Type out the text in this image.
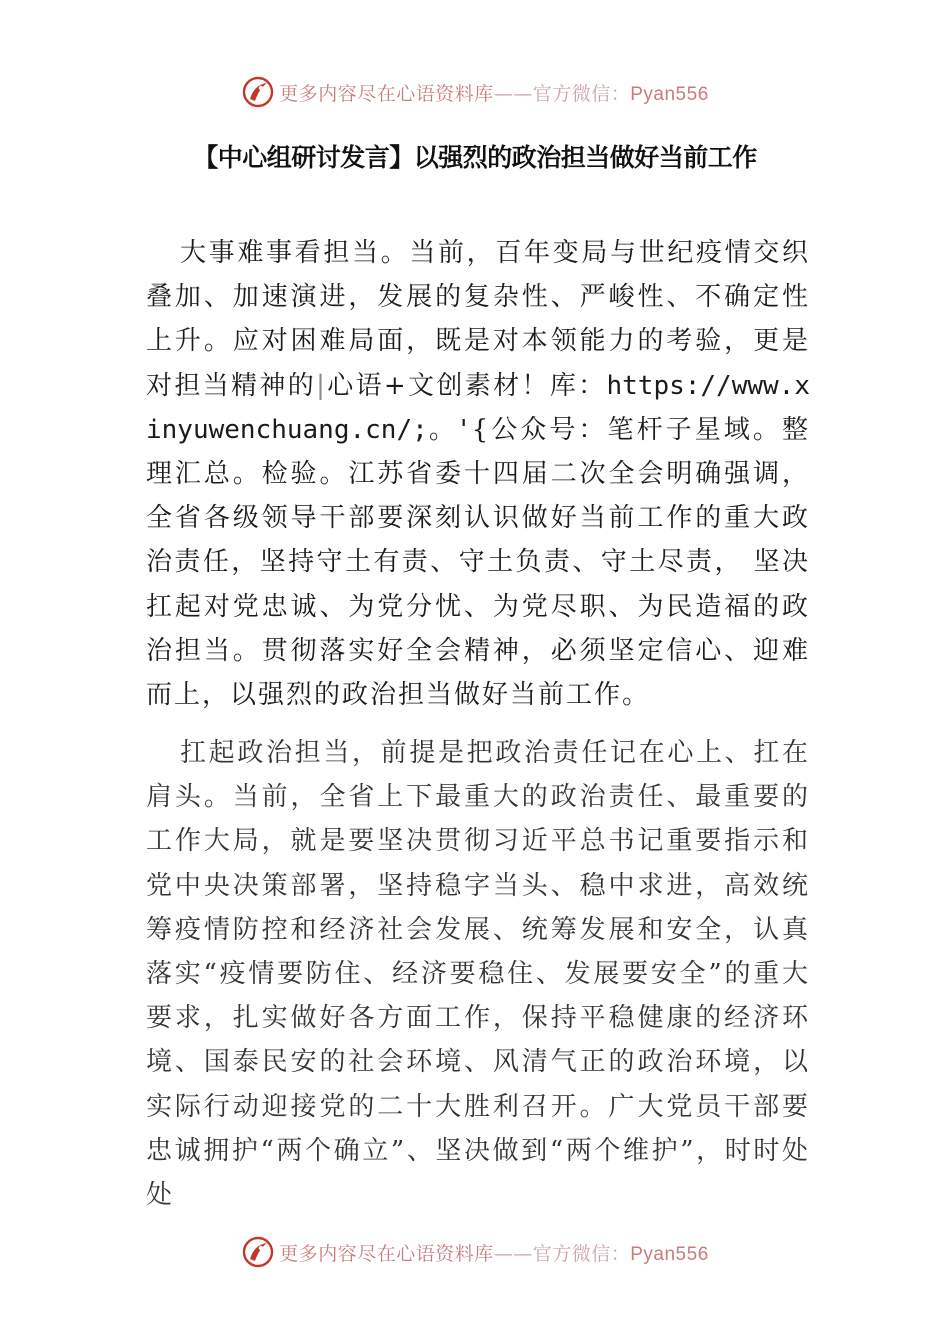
更多内容尽在心语资料库——官方微信：Pyan556
【中心组研讨发言】以强烈的政治担当做好当前工作

大事难事看担当。当前，百年变局与世纪疫情交织叠加、加速演进，发展的复杂性、严峻性、不确定性上升。应对困难局面，既是对本领能力的考验，更是对担当精神的|心语+文创素材！库：https://www.xinyuwenchuang.cn/;。'{公众号：笔杆子星域。整理汇总。检验。江苏省委十四届二次全会明确强调，全省各级领导干部要深刻认识做好当前工作的重大政治责任，坚持守土有责、守土负责、守土尽责， 坚决扛起对党忠诚、为党分忧、为党尽职、为民造福的政治担当。贯彻落实好全会精神，必须坚定信心、迎难而上，以强烈的政治担当做好当前工作。

扛起政治担当，前提是把政治责任记在心上、扛在肩头。当前，全省上下最重大的政治责任、最重要的工作大局，就是要坚决贯彻习近平总书记重要指示和党中央决策部署，坚持稳字当头、稳中求进，高效统筹疫情防控和经济社会发展、统筹发展和安全，认真落实“疫情要防住、经济要稳住、发展要安全”的重大要求，扎实做好各方面工作，保持平稳健康的经济环境、国泰民安的社会环境、风清气正的政治环境，以实际行动迎接党的二十大胜利召开。广大党员干部要忠诚拥护“两个确立”、坚决做到“两个维护”，时时处处

更多内容尽在心语资料库——官方微信：Pyan556
